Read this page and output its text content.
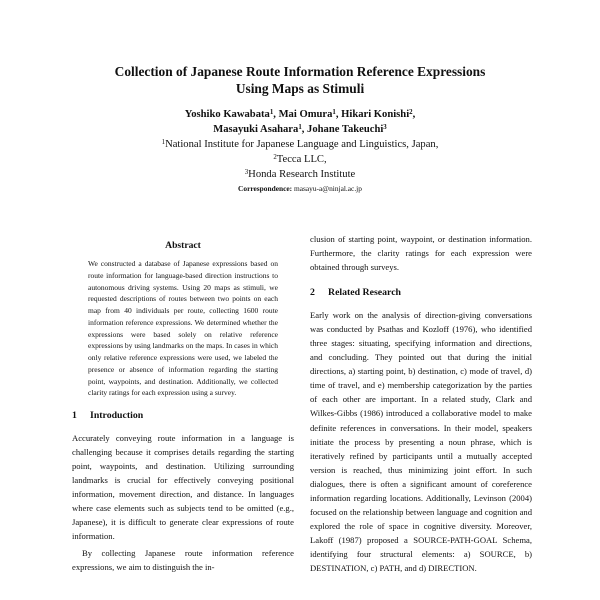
Collection of Japanese Route Information Reference Expressions
Using Maps as Stimuli
Yoshiko Kawabata$^1$, Mai Omura$^1$, Hikari Konishi$^2$,
Masayuki Asahara$^1$, Johane Takeuchi$^3$
$^1$National Institute for Japanese Language and Linguistics, Japan,
$^2$Tecca LLC,
$^3$Honda Research Institute
Correspondence: masayu-a@ninjal.ac.jp
Abstract
We constructed a database of Japanese expressions based on route information for language-based direction instructions to autonomous driving systems. Using 20 maps as stimuli, we requested descriptions of routes between two points on each map from 40 individuals per route, collecting 1600 route information reference expressions. We determined whether the expressions were based solely on relative reference expressions by using landmarks on the maps. In cases in which only relative reference expressions were used, we labeled the presence or absence of information regarding the starting point, waypoints, and destination. Additionally, we collected clarity ratings for each expression using a survey.
1 Introduction

Accurately conveying route information in a language is challenging because it comprises details regarding the starting point, waypoints, and destination. Utilizing surrounding landmarks is crucial for effectively conveying positional information, movement direction, and distance. In languages where case elements such as subjects tend to be omitted (e.g., Japanese), it is difficult to generate clear expressions of route information.

By collecting Japanese route information reference expressions, we aim to distinguish the in-

clusion of starting point, waypoint, or destination information. Furthermore, the clarity ratings for each expression were obtained through surveys.

2 Related Research

Early work on the analysis of direction-giving conversations was conducted by Psathas and Kozloff (1976), who identified three stages: situating, specifying information and directions, and concluding. They pointed out that during the initial directions, a) starting point, b) destination, c) mode of travel, d) time of travel, and e) membership categorization by the parties of each other are important. In a related study, Clark and Wilkes-Gibbs (1986) introduced a collaborative model to make definite references in conversations. In their model, speakers initiate the process by presenting a noun phrase, which is iteratively refined by participants until a mutually accepted version is reached, thus minimizing joint effort. In such dialogues, there is often a significant amount of coreference information regarding locations. Additionally, Levinson (2004) focused on the relationship between language and cognition and explored the role of space in cognitive diversity. Moreover, Lakoff (1987) proposed a SOURCE-PATH-GOAL Schema, identifying four structural elements: a) SOURCE, b) DESTINATION, c) PATH, and d) DIRECTION.
